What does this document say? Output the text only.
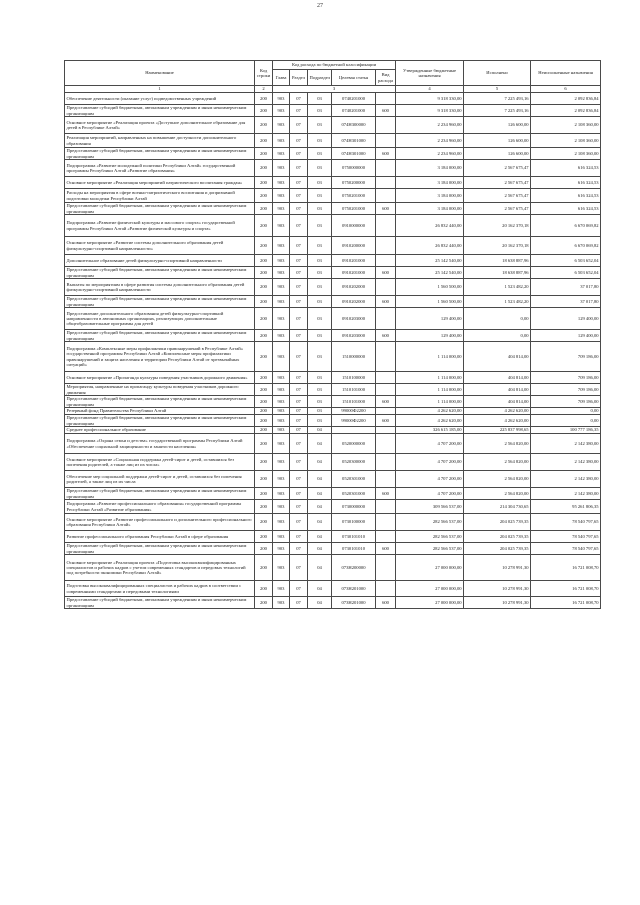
27
Наименование	Код строки	Код расхода по бюджетной классификации					Утвержденные бюджетные назначения	Исполнено	Неисполненные назначения
		Глава	Раздел	Подраздел	Целевая статья	Вид расхода			
1	2	3					4	5	6
Обеспечение деятельности (оказание услуг) подведомственных учреждений	200	903	07	03	0740201000		9 318 330,00	7 225 493,16	2 092 836,84
Предоставление субсидий бюджетным, автономным учреждениям и иным некоммерческим организациям	200	903	07	03	0740201000	600	9 318 330,00	7 225 493,16	2 092 836,84
Основное мероприятие «Реализация проекта «Доступное дополнительное образование для детей в Республике Алтай»	200	903	07	03	074Н300000		2 234 960,00	126 600,00	2 108 360,00
Реализация мероприятий, направленных на повышение доступности дополнительного образования	200	903	07	03	074Н301000		2 234 960,00	126 600,00	2 108 360,00
Предоставление субсидий бюджетным, автономным учреждениям и иным некоммерческим организациям	200	903	07	03	074Н301000	600	2 234 960,00	126 600,00	2 108 360,00
Подпрограмма «Развитие молодежной политики Республики Алтай» государственной программы Республики Алтай «Развитие образования»	200	903	07	03	0750000000		3 184 000,00	2 567 675,47	616 324,53
Основное мероприятие «Реализация мероприятий патриотического воспитания граждан»	200	903	07	03	0750200000		3 184 000,00	2 567 675,47	616 324,53
Расходы на мероприятия в сфере военно-патриотического воспитания и допризывной подготовки молодежи Республики Алтай	200	903	07	03	0750201000		3 184 000,00	2 567 675,47	616 324,53
Предоставление субсидий бюджетным, автономным учреждениям и иным некоммерческим организациям	200	903	07	03	0750201000	600	3 184 000,00	2 567 675,47	616 324,53
Подпрограмма «Развитие физической культуры и массового спорта» государственной программы Республики Алтай «Развитие физической культуры и спорта»	200	903	07	03	0910000000		26 832 440,00	20 162 370,18	6 670 069,82
Основное мероприятие «Развитие системы дополнительного образования детей физкультурно-спортивной направленности»	200	903	07	03	0910200000		26 832 440,00	20 162 370,18	6 670 069,82
Дополнительное образование детей физкультурно-спортивной направленности	200	903	07	03	0910201000		25 142 540,00	18 638 887,96	6 503 652,04
Предоставление субсидий бюджетным, автономным учреждениям и иным некоммерческим организациям	200	903	07	03	0910201000	600	25 142 540,00	18 638 887,96	6 503 652,04
Выплаты по мероприятиям в сфере развития системы дополнительного образования детей физкультурно-спортивной направленности	200	903	07	03	0910202000		1 560 500,00	1 523 482,20	37 017,80
Предоставление субсидий бюджетным, автономным учреждениям и иным некоммерческим организациям	200	903	07	03	0910202000	600	1 560 500,00	1 523 482,20	37 017,80
Предоставление дополнительного образования детей физкультурно-спортивной направленности в автономных организациях, реализующих дополнительные общеобразовательные программы для детей	200	903	07	03	0910203000		129 400,00	0,00	129 400,00
Предоставление субсидий бюджетным, автономным учреждениям и иным некоммерческим организациям	200	903	07	03	0910203000	600	129 400,00	0,00	129 400,00
Подпрограмма «Комплексные меры профилактики правонарушений в Республике Алтай» государственной программы Республики Алтай «Комплексные меры профилактики правонарушений и защита населения и территории Республики Алтай от чрезвычайных ситуаций»	200	903	07	03	1510000000		1 114 000,00	404 814,00	709 186,00
Основное мероприятие «Пропаганда культуры поведения участников дорожного движения»	200	903	07	03	1510100000		1 114 000,00	404 814,00	709 186,00
Мероприятия, направленные на пропаганду культуры поведения участников дорожного движения	200	903	07	03	1510101000		1 114 000,00	404 814,00	709 186,00
Предоставление субсидий бюджетным, автономным учреждениям и иным некоммерческим организациям	200	903	07	03	1510101000	600	1 114 000,00	404 814,00	709 186,00
Резервный фонд Правительства Республики Алтай	200	903	07	03	99000Ф2200		4 262 620,00	4 262 620,00	0,00
Предоставление субсидий бюджетным, автономным учреждениям и иным некоммерческим организациям	200	903	07	03	99000Ф2200	600	4 262 620,00	4 262 620,00	0,00
Среднее профессиональное образование	200	903	07	04			326 615 185,00	225 837 998,65	100 777 186,35
Подпрограмма «Охрана семьи и детства» государственной программы Республики Алтай «Обеспечение социальной защищенности и занятости населения»	200	903	07	04	0520000000		4 707 200,00	2 564 820,00	2 142 380,00
Основное мероприятие «Социальная поддержка детей-сирот и детей, оставшихся без попечения родителей, а также лиц из их числа»	200	903	07	04	0520300000		4 707 200,00	2 564 820,00	2 142 380,00
Обеспечение мер социальной поддержки детей-сирот и детей, оставшихся без попечения родителей, а также лиц из их числа	200	903	07	04	0520301000		4 707 200,00	2 564 820,00	2 142 380,00
Предоставление субсидий бюджетным, автономным учреждениям и иным некоммерческим организациям	200	903	07	04	0520301000	600	4 707 200,00	2 564 820,00	2 142 380,00
Подпрограмма «Развитие профессионального образования» государственной программы Республики Алтай «Развитие образования»	200	903	07	04	0730000000		309 566 537,00	214 304 730,65	95 261 806,35
Основное мероприятие «Развитие профессионального и дополнительного профессионального образования Республики Алтай»	200	903	07	04	0730100000		282 566 537,00	204 025 739,35	78 540 797,65
Развитие профессионального образования Республики Алтай в сфере образования	200	903	07	04	0730101010		282 566 537,00	204 025 739,35	78 540 797,65
Предоставление субсидий бюджетным, автономным учреждениям и иным некоммерческим организациям	200	903	07	04	0730101010	600	282 566 537,00	204 025 739,35	78 540 797,65
Основное мероприятие «Реализация проекта «Подготовка высококвалифицированных специалистов и рабочих кадров с учетом современных стандартов и передовых технологий под потребности экономики Республики Алтай»	200	903	07	04	073Н200000		27 000 000,00	10 278 991,30	16 721 008,70
Подготовка высококвалифицированных специалистов и рабочих кадров в соответствии с современными стандартами и передовыми технологиями	200	903	07	04	073Н201000		27 000 000,00	10 278 991,30	16 721 008,70
Предоставление субсидий бюджетным, автономным учреждениям и иным некоммерческим организациям	200	903	07	04	073Н201000	600	27 000 000,00	10 278 991,30	16 721 008,70
